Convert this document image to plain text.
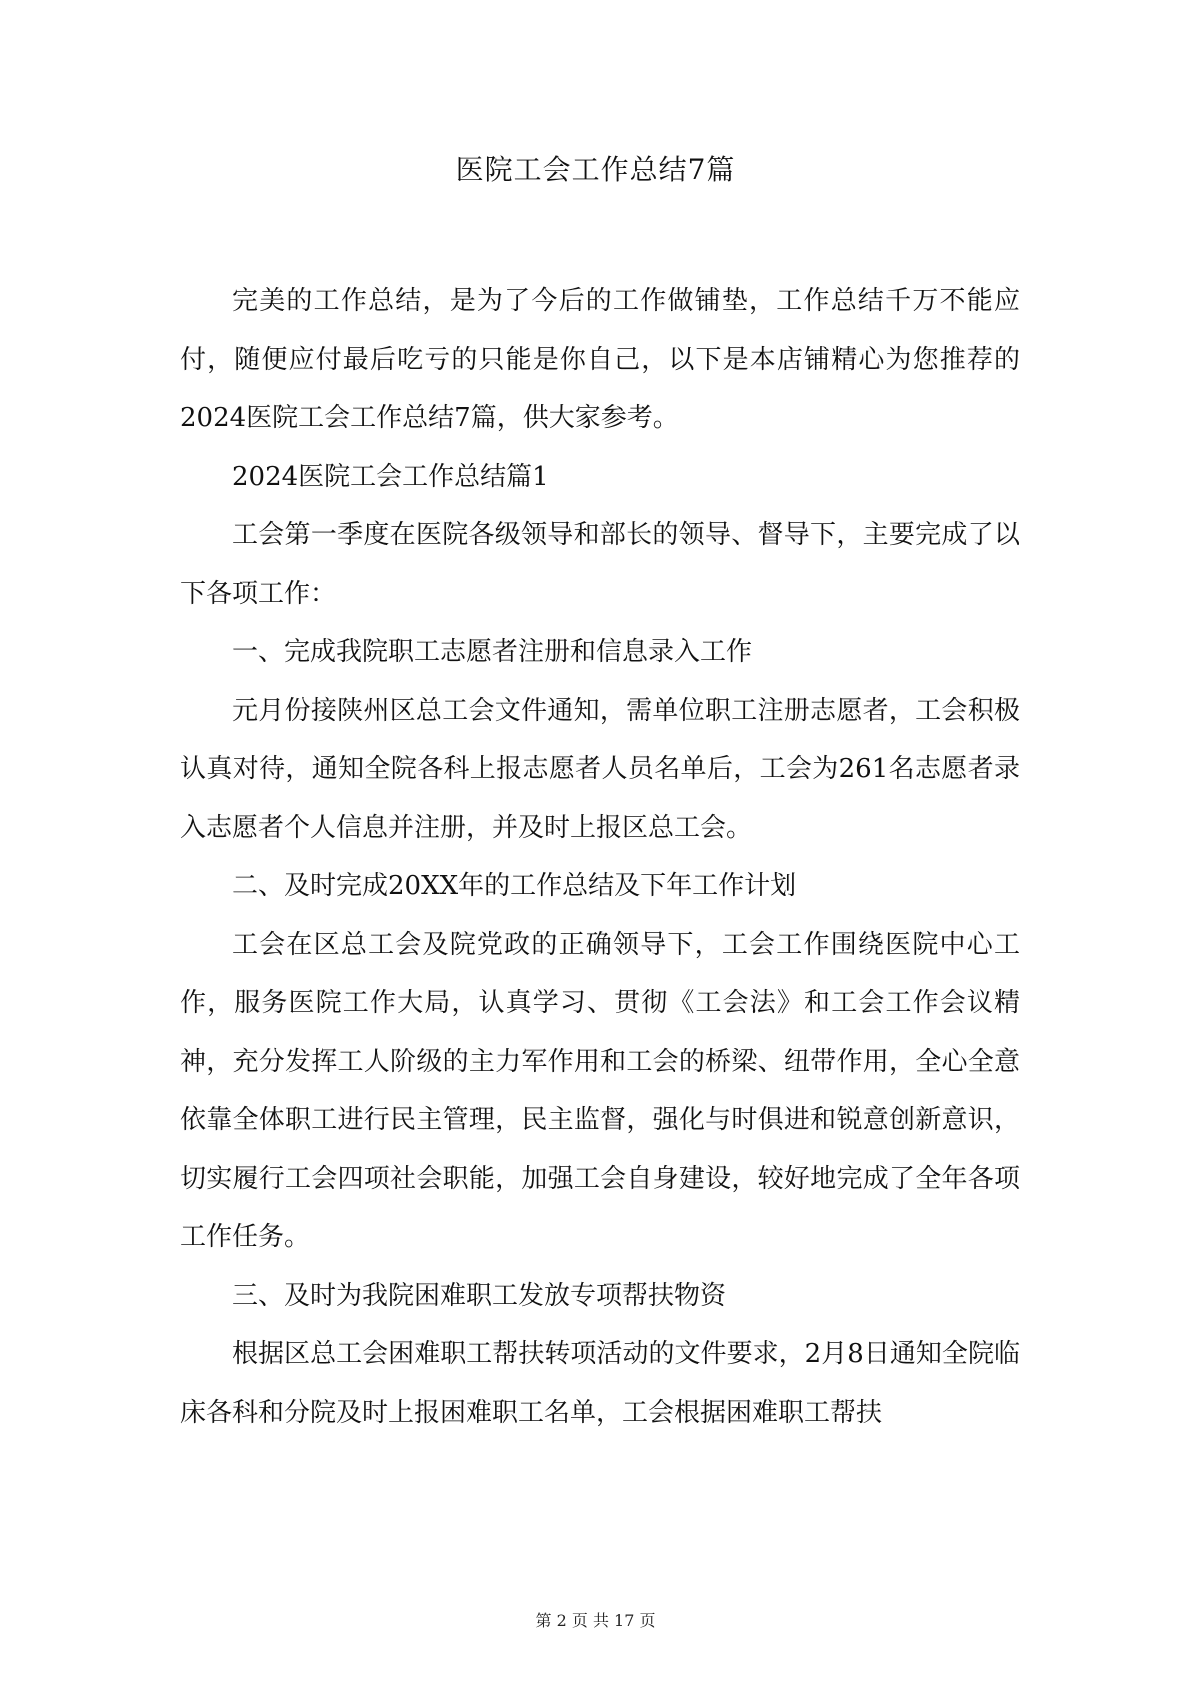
医院工会工作总结7篇

完美的工作总结，是为了今后的工作做铺垫，工作总结千万不能应付，随便应付最后吃亏的只能是你自己，以下是本店铺精心为您推荐的2024医院工会工作总结7篇，供大家参考。

2024医院工会工作总结篇1

工会第一季度在医院各级领导和部长的领导、督导下，主要完成了以下各项工作：

一、完成我院职工志愿者注册和信息录入工作

元月份接陕州区总工会文件通知，需单位职工注册志愿者，工会积极认真对待，通知全院各科上报志愿者人员名单后，工会为261名志愿者录入志愿者个人信息并注册，并及时上报区总工会。

二、及时完成20XX年的工作总结及下年工作计划

工会在区总工会及院党政的正确领导下，工会工作围绕医院中心工作，服务医院工作大局，认真学习、贯彻《工会法》和工会工作会议精神，充分发挥工人阶级的主力军作用和工会的桥梁、纽带作用，全心全意依靠全体职工进行民主管理，民主监督，强化与时俱进和锐意创新意识，切实履行工会四项社会职能，加强工会自身建设，较好地完成了全年各项工作任务。

三、及时为我院困难职工发放专项帮扶物资

根据区总工会困难职工帮扶转项活动的文件要求，2月8日通知全院临床各科和分院及时上报困难职工名单，工会根据困难职工帮扶

第 2 页 共 17 页
